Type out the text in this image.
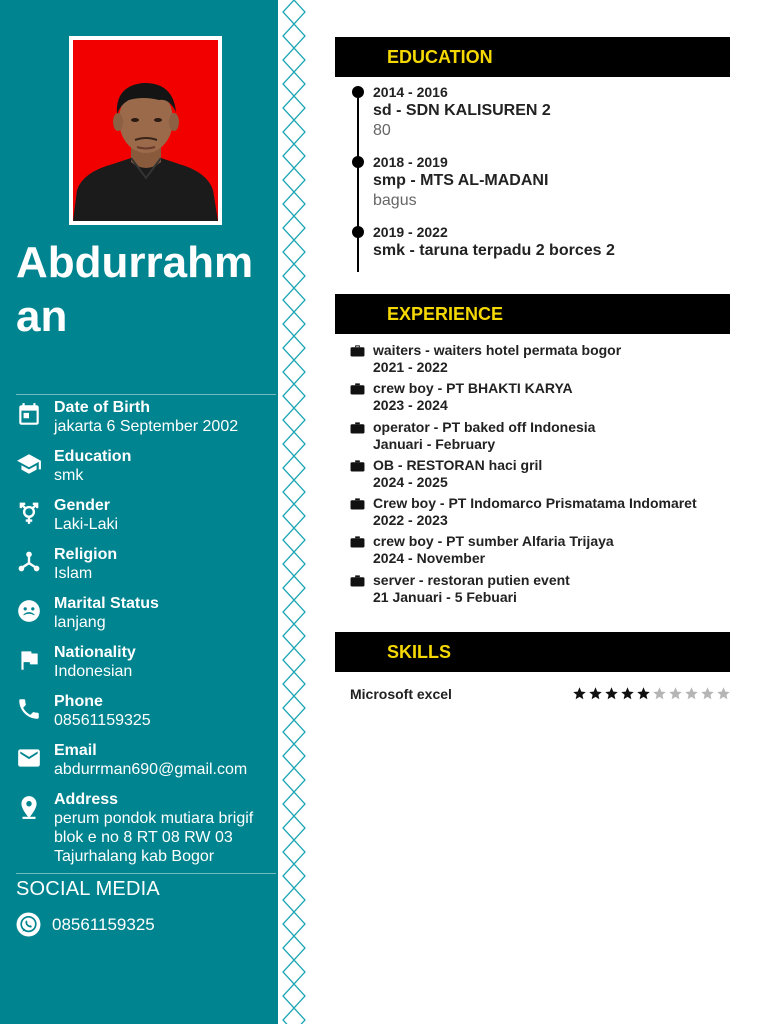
Abdurrahman
Date of Birth
jakarta 6 September 2002
Education
smk
Gender
Laki-Laki
Religion
Islam
Marital Status
lanjang
Nationality
Indonesian
Phone
08561159325
Email
abdurrman690@gmail.com
Address
perum pondok mutiara brigif blok e no 8 RT 08 RW 03 Tajurhalang kab Bogor
SOCIAL MEDIA
08561159325
EDUCATION
2014 - 2016
sd - SDN KALISUREN 2
80
2018 - 2019
smp - MTS AL-MADANI
bagus
2019 - 2022
smk - taruna terpadu 2 borces 2
EXPERIENCE
waiters - waiters hotel permata bogor
2021 - 2022
crew boy - PT BHAKTI KARYA
2023 - 2024
operator - PT baked off Indonesia
Januari - February
OB - RESTORAN haci gril
2024 - 2025
Crew boy - PT Indomarco Prismatama Indomaret
2022 - 2023
crew boy - PT sumber Alfaria Trijaya
2024 - November
server - restoran putien event
21 Januari - 5 Febuari
SKILLS
Microsoft excel
